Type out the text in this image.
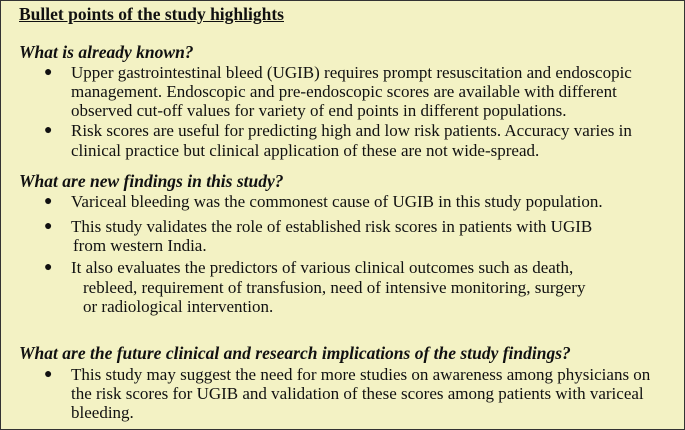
Bullet points of the study highlights
What is already known?
● Upper gastrointestinal bleed (UGIB) requires prompt resuscitation and endoscopic
management. Endoscopic and pre-endoscopic scores are available with different
observed cut-off values for variety of end points in different populations.
● Risk scores are useful for predicting high and low risk patients. Accuracy varies in
clinical practice but clinical application of these are not wide-spread.
What are new findings in this study?
● Variceal bleeding was the commonest cause of UGIB in this study population.
● This study validates the role of established risk scores in patients with UGIB
from western India.
● It also evaluates the predictors of various clinical outcomes such as death,
rebleed, requirement of transfusion, need of intensive monitoring, surgery
or radiological intervention.
What are the future clinical and research implications of the study findings?
● This study may suggest the need for more studies on awareness among physicians on
the risk scores for UGIB and validation of these scores among patients with variceal
bleeding.
